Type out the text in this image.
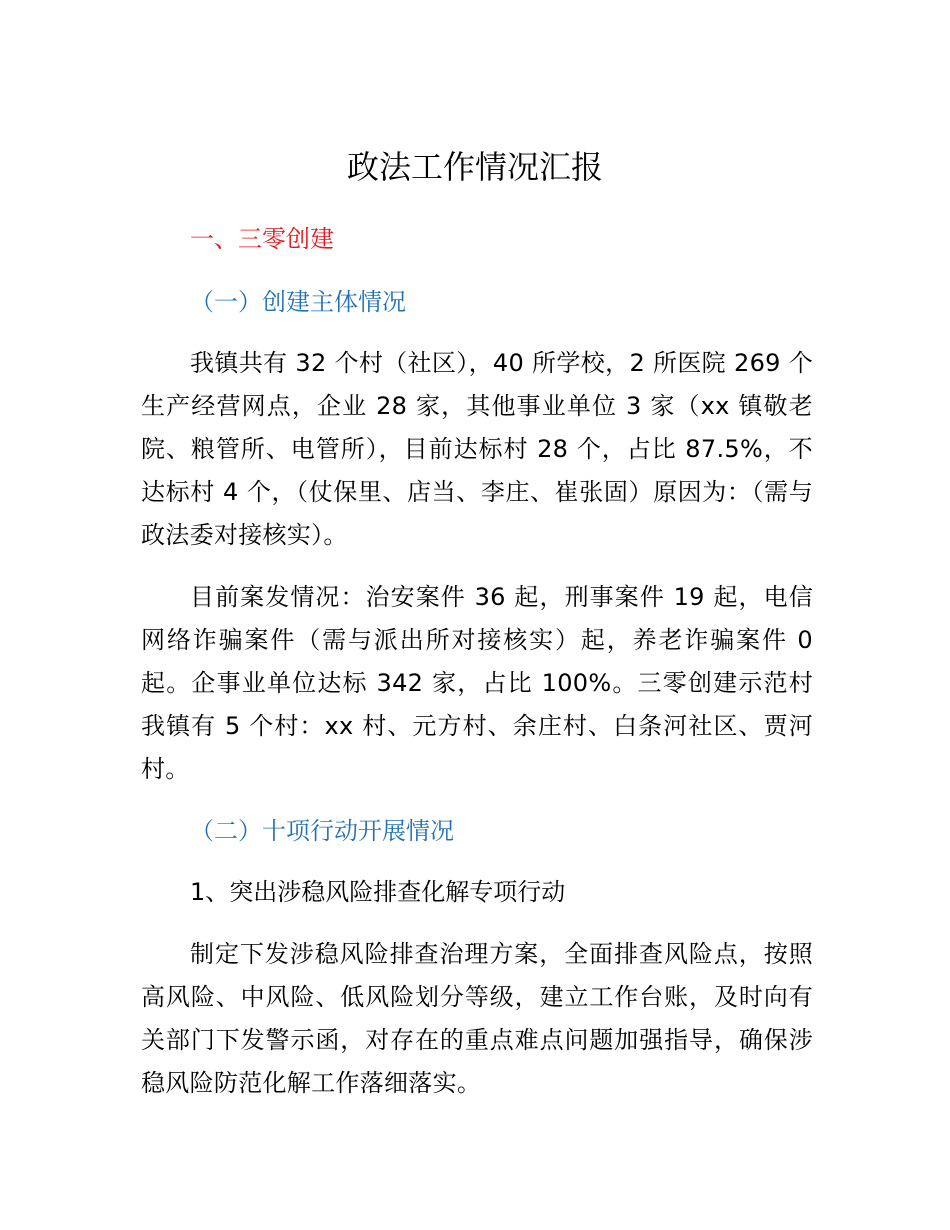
政法工作情况汇报
一、三零创建
（一）创建主体情况

我镇共有 32 个村（社区），40 所学校，2 所医院 269 个生产经营网点，企业 28 家，其他事业单位 3 家（xx 镇敬老院、粮管所、电管所），目前达标村 28 个，占比 87.5%，不达标村 4 个，（仗保里、店当、李庄、崔张固）原因为：（需与政法委对接核实）。

目前案发情况：治安案件 36 起，刑事案件 19 起，电信网络诈骗案件（需与派出所对接核实）起，养老诈骗案件 0 起。企事业单位达标 342 家，占比 100%。三零创建示范村我镇有 5 个村：xx 村、元方村、余庄村、白条河社区、贾河村。

（二）十项行动开展情况

1、突出涉稳风险排查化解专项行动

制定下发涉稳风险排查治理方案，全面排查风险点，按照高风险、中风险、低风险划分等级，建立工作台账，及时向有关部门下发警示函，对存在的重点难点问题加强指导，确保涉稳风险防范化解工作落细落实。
